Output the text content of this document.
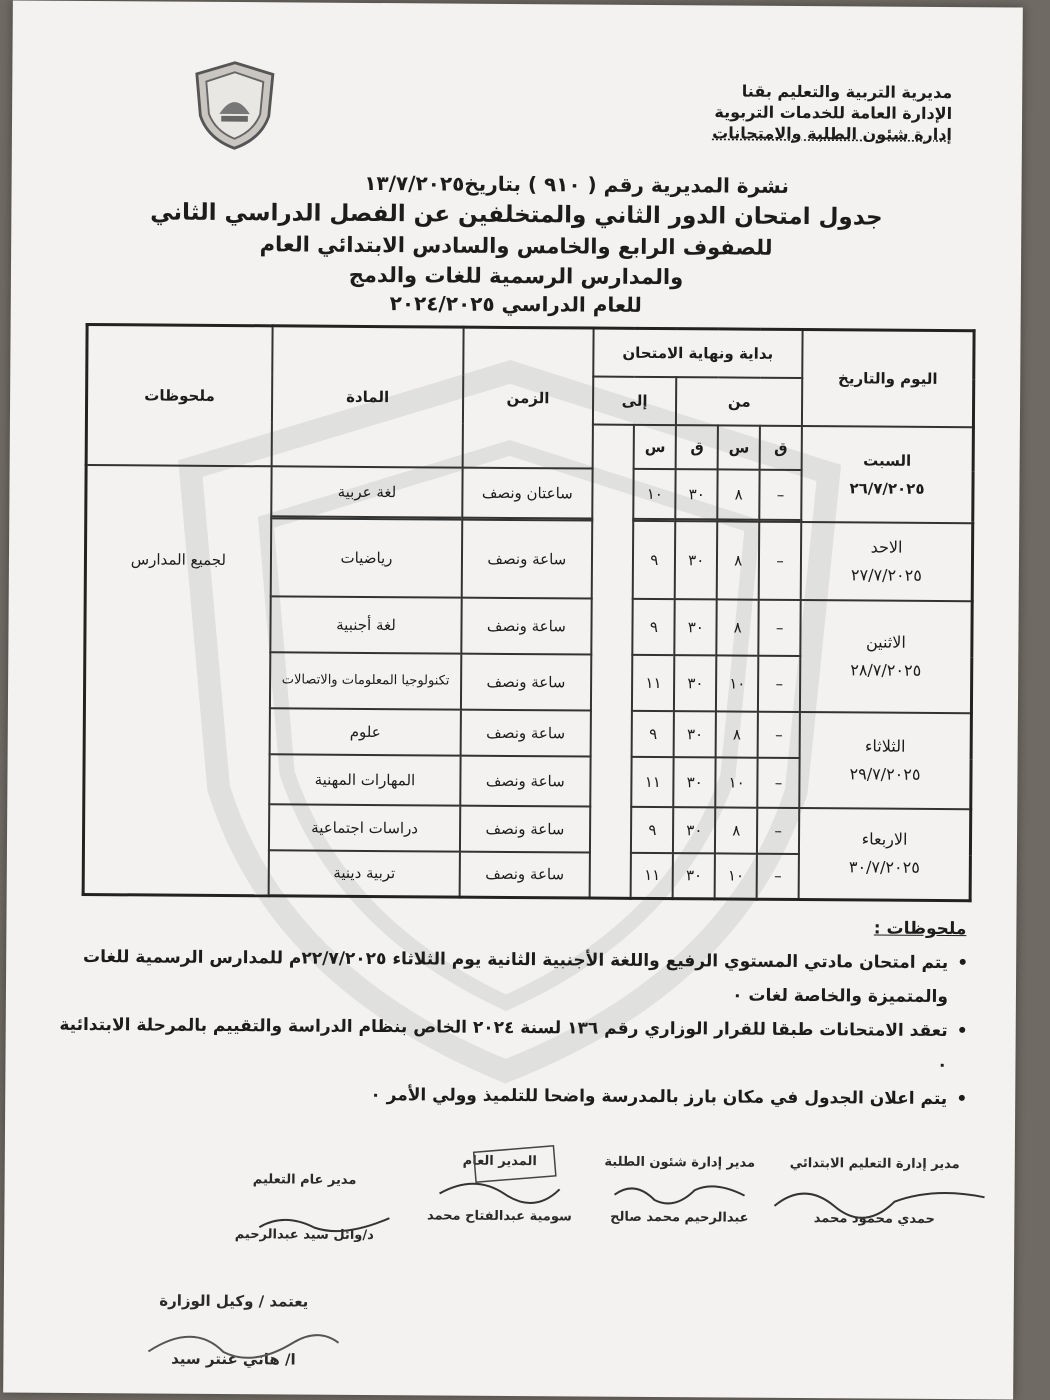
مديرية التربية والتعليم بقنا
الإدارة العامة للخدمات التربوية
إدارة شئون الطلبة والامتحانات
نشرة المديرية رقم ( ٩١٠ ) بتاريخ١٣/٧/٢٠٢٥
جدول امتحان الدور الثاني والمتخلفين عن الفصل الدراسي الثاني
للصفوف الرابع والخامس والسادس الابتدائي العام
والمدارس الرسمية للغات والدمج
للعام الدراسي ٢٠٢٤/٢٠٢٥
اليوم والتاريخ	بداية ونهاية الامتحان					الزمن	المادة	ملحوظات
	من			إلى				

السبت
٢٦/٧/٢٠٢٥	ق	س	ق	س				
	–	٨	٣٠	١٠		ساعتان ونصف	لغة عربية	لجميع المدارس

الاحد
٢٧/٧/٢٠٢٥	–	٨	٣٠	٩		ساعة ونصف	رياضيات	

الاثنين
٢٨/٧/٢٠٢٥	–	٨	٣٠	٩		ساعة ونصف	لغة أجنبية	
	–	١٠	٣٠	١١		ساعة ونصف	تكنولوجيا المعلومات والاتصالات	

الثلاثاء
٢٩/٧/٢٠٢٥	–	٨	٣٠	٩		ساعة ونصف	علوم	
	–	١٠	٣٠	١١		ساعة ونصف	المهارات المهنية	

الاربعاء
٣٠/٧/٢٠٢٥	–	٨	٣٠	٩		ساعة ونصف	دراسات اجتماعية	
	–	١٠	٣٠	١١		ساعة ونصف	تربية دينية	
ملحوظات :
• يتم امتحان مادتي المستوي الرفيع واللغة الأجنبية الثانية يوم الثلاثاء ٢٢/٧/٢٠٢٥م للمدارس الرسمية للغات والمتميزة والخاصة لغات ٠
• تعقد الامتحانات طبقا للقرار الوزاري رقم ١٣٦ لسنة ٢٠٢٤ الخاص بنظام الدراسة والتقييم بالمرحلة الابتدائية ٠
• يتم اعلان الجدول في مكان بارز بالمدرسة واضحا للتلميذ وولي الأمر ٠
مدير إدارة التعليم الابتدائي
حمدي محمود محمد
مدير إدارة شئون الطلبة
عبدالرحيم محمد صالح
المدير العام
سومية عبدالفتاح محمد
مدير عام التعليم
د/وائل سيد عبدالرحيم
يعتمد / وكيل الوزارة
ا/ هاني عنتر سيد
